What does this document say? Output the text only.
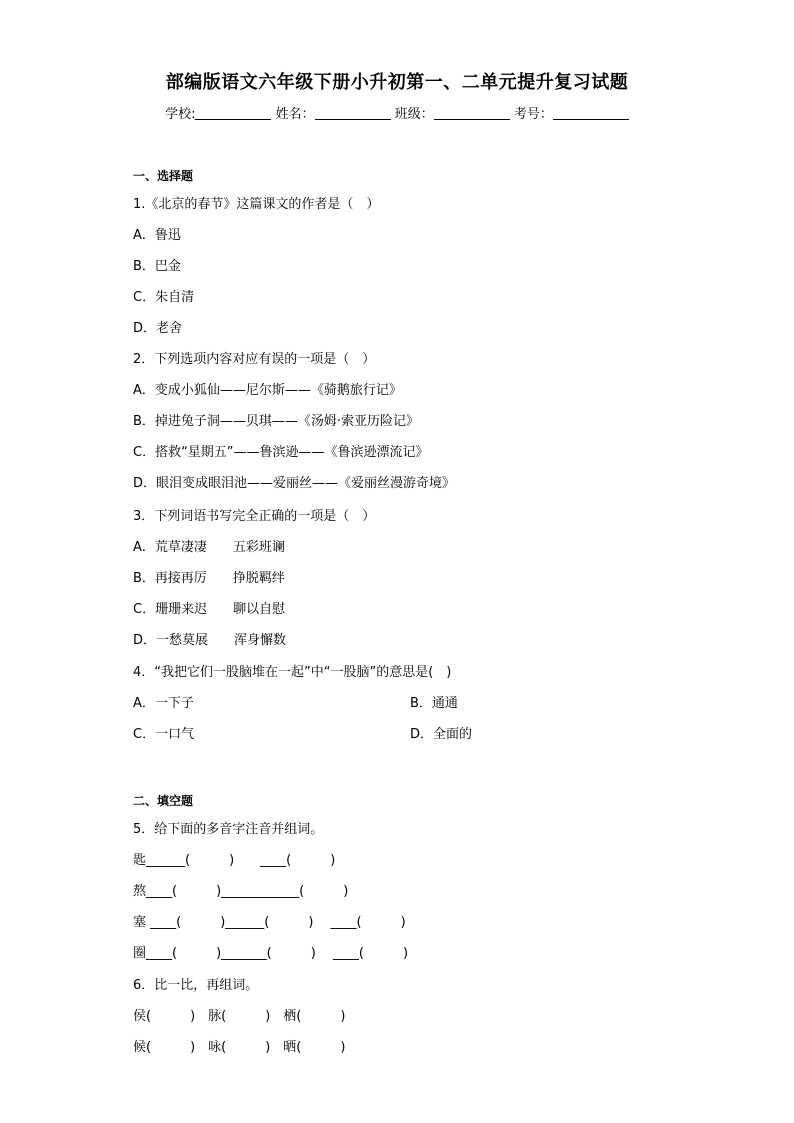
部编版语文六年级下册小升初第一、二单元提升复习试题
学校:	姓名：	班级：	考号：
一、选择题
1.《北京的春节》这篇课文的作者是（　）
A．鲁迅
B．巴金
C．朱自清
D．老舍
2．下列选项内容对应有误的一项是（　）
A．变成小狐仙——尼尔斯——《骑鹅旅行记》
B．掉进兔子洞——贝琪——《汤姆·索亚历险记》
C．搭救“星期五”——鲁滨逊——《鲁滨逊漂流记》
D．眼泪变成眼泪池——爱丽丝——《爱丽丝漫游奇境》
3．下列词语书写完全正确的一项是（　）
A．荒草凄凄　　五彩班谰
B．再接再厉　　挣脱羁绊
C．珊珊来迟　　聊以自慰
D．一愁莫展　　浑身懈数
4．“我把它们一股脑堆在一起”中“一股脑”的意思是(　)
A．一下子	B．通通
C．一口气	D．全面的
二、填空题
5．给下面的多音字注音并组词。
匙______(　　　)　　____(　　　)
熬____(　　　)____________(　　　)
塞 ____(　　　)______(　　　)　 ____(　　　)
圈____(　　　)_______(　　　)　 ____(　　　)
6．比一比，再组词。
侯(　　　)　脉(　　　)　栖(　　　)
候(　　　)　咏(　　　)　晒(　　　)
